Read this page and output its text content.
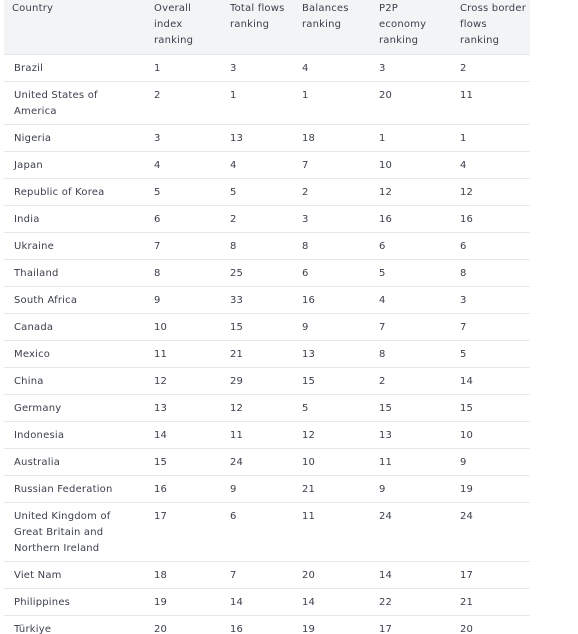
Country	Overall index ranking	Total flows ranking	Balances ranking	P2P economy ranking	Cross border flows ranking
Brazil	1	3	4	3	2
United States of America	2	1	1	20	11
Nigeria	3	13	18	1	1
Japan	4	4	7	10	4
Republic of Korea	5	5	2	12	12
India	6	2	3	16	16
Ukraine	7	8	8	6	6
Thailand	8	25	6	5	8
South Africa	9	33	16	4	3
Canada	10	15	9	7	7
Mexico	11	21	13	8	5
China	12	29	15	2	14
Germany	13	12	5	15	15
Indonesia	14	11	12	13	10
Australia	15	24	10	11	9
Russian Federation	16	9	21	9	19
United Kingdom of Great Britain and Northern Ireland	17	6	11	24	24
Viet Nam	18	7	20	14	17
Philippines	19	14	14	22	21
Türkiye	20	16	19	17	20
